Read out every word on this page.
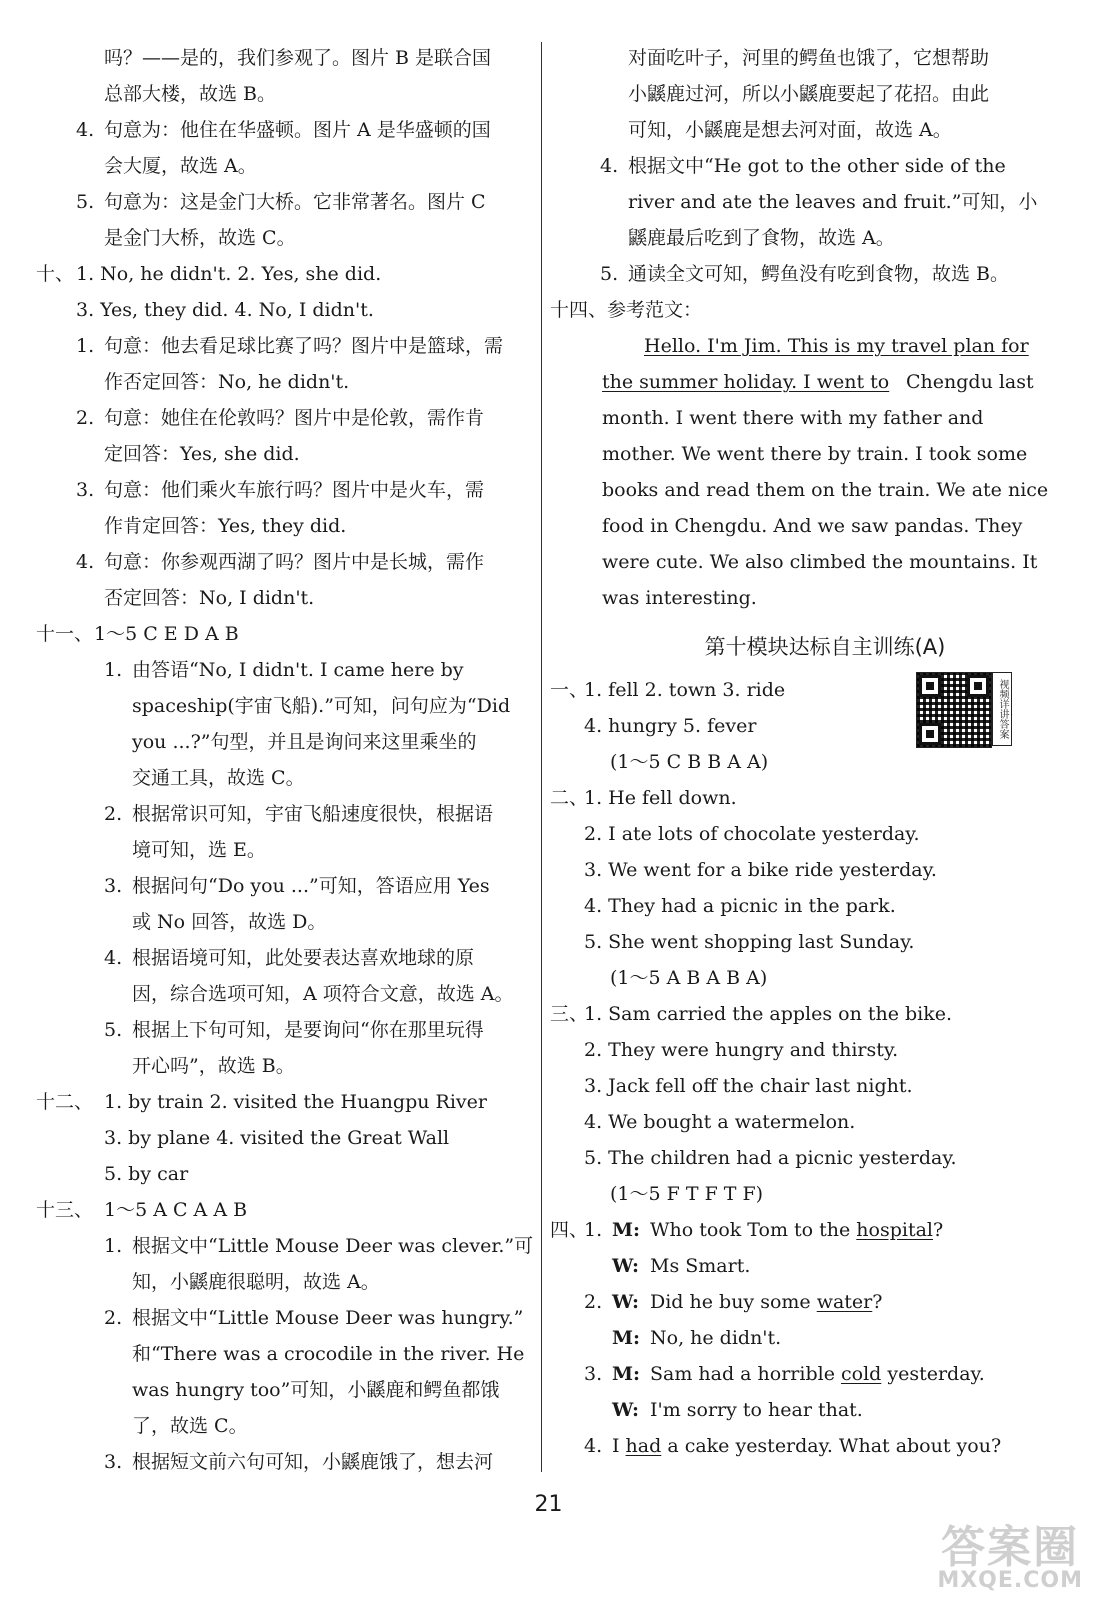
吗？——是的，我们参观了。图片 B 是联合国
总部大楼，故选 B。
4. 句意为：他住在华盛顿。图片 A 是华盛顿的国
会大厦，故选 A。
5. 句意为：这是金门大桥。它非常著名。图片 C
是金门大桥，故选 C。
十、 1. No, he didn't. 2. Yes, she did.
3. Yes, they did. 4. No, I didn't.
1. 句意：他去看足球比赛了吗？图片中是篮球，需
作否定回答：No, he didn't.
2. 句意：她住在伦敦吗？图片中是伦敦，需作肯
定回答：Yes, she did.
3. 句意：他们乘火车旅行吗？图片中是火车，需
作肯定回答：Yes, they did.
4. 句意：你参观西湖了吗？图片中是长城，需作
否定回答：No, I didn't.
十一、 1～5 C E D A B
1. 由答语“No, I didn't. I came here by
spaceship(宇宙飞船).”可知，问句应为“Did
you ...?”句型，并且是询问来这里乘坐的
交通工具，故选 C。
2. 根据常识可知，宇宙飞船速度很快，根据语
境可知，选 E。
3. 根据问句“Do you ...”可知，答语应用 Yes
或 No 回答，故选 D。
4. 根据语境可知，此处要表达喜欢地球的原
因，综合选项可知，A 项符合文意，故选 A。
5. 根据上下句可知，是要询问“你在那里玩得
开心吗”，故选 B。
十二、 1. by train 2. visited the Huangpu River
3. by plane 4. visited the Great Wall
5. by car
十三、 1～5 A C A A B
1. 根据文中“Little Mouse Deer was clever.”可
知，小鼷鹿很聪明，故选 A。
2. 根据文中“Little Mouse Deer was hungry.”
和“There was a crocodile in the river. He
was hungry too”可知，小鼷鹿和鳄鱼都饿
了，故选 C。
3. 根据短文前六句可知，小鼷鹿饿了，想去河
对面吃叶子，河里的鳄鱼也饿了，它想帮助
小鼷鹿过河，所以小鼷鹿要起了花招。由此
可知，小鼷鹿是想去河对面，故选 A。
4. 根据文中“He got to the other side of the
river and ate the leaves and fruit.”可知，小
鼷鹿最后吃到了食物，故选 A。
5. 通读全文可知，鳄鱼没有吃到食物，故选 B。
十四、参考范文：
Hello. I'm Jim. This is my travel plan for
the summer holiday. I went to Chengdu last
month. I went there with my father and
mother. We went there by train. I took some
books and read them on the train. We ate nice
food in Chengdu. And we saw pandas. They
were cute. We also climbed the mountains. It
was interesting.
第十模块达标自主训练(A)
视频详讲答案
一、
1. fell 2. town 3. ride
4. hungry 5. fever
(1～5 C B B A A)
二、
1. He fell down.
2. I ate lots of chocolate yesterday.
3. We went for a bike ride yesterday.
4. They had a picnic in the park.
5. She went shopping last Sunday.
(1～5 A B A B A)
三、
1. Sam carried the apples on the bike.
2. They were hungry and thirsty.
3. Jack fell off the chair last night.
4. We bought a watermelon.
5. The children had a picnic yesterday.
(1～5 F T F T F)
四、
1. M: Who took Tom to the hospital?
W: Ms Smart.
2. W: Did he buy some water?
M: No, he didn't.
3. M: Sam had a horrible cold yesterday.
W: I'm sorry to hear that.
4. I had a cake yesterday. What about you?
21
答案圈
MXQE.COM
